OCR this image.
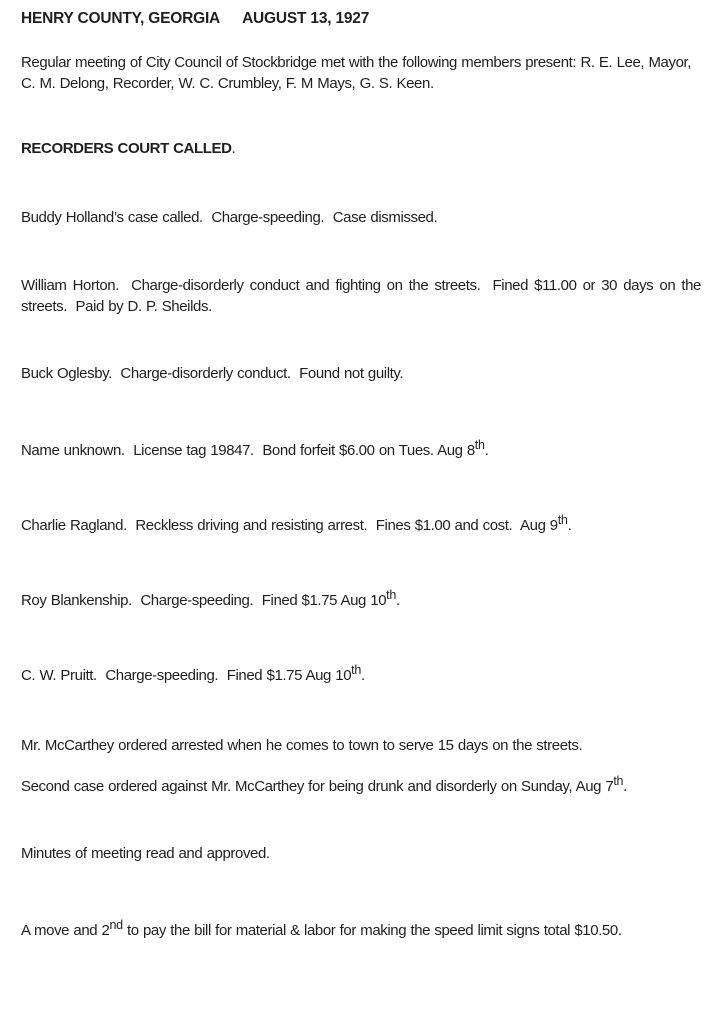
HENRY COUNTY, GEORGIA AUGUST 13, 1927

Regular meeting of City Council of Stockbridge met with the following members present: R. E. Lee, Mayor, C. M. Delong, Recorder, W. C. Crumbley, F. M Mays, G. S. Keen.

RECORDERS COURT CALLED.

Buddy Holland’s case called.  Charge-speeding.  Case dismissed.

William Horton.  Charge-disorderly conduct and fighting on the streets.  Fined $11.00 or 30 days on the streets.  Paid by D. P. Sheilds.

Buck Oglesby.  Charge-disorderly conduct.  Found not guilty.

Name unknown.  License tag 19847.  Bond forfeit $6.00 on Tues. Aug 8th.

Charlie Ragland.  Reckless driving and resisting arrest.  Fines $1.00 and cost.  Aug 9th.

Roy Blankenship.  Charge-speeding.  Fined $1.75 Aug 10th.

C. W. Pruitt.  Charge-speeding.  Fined $1.75 Aug 10th.

Mr. McCarthey ordered arrested when he comes to town to serve 15 days on the streets.

Second case ordered against Mr. McCarthey for being drunk and disorderly on Sunday, Aug 7th.

Minutes of meeting read and approved.

A move and 2nd to pay the bill for material & labor for making the speed limit signs total $10.50.
